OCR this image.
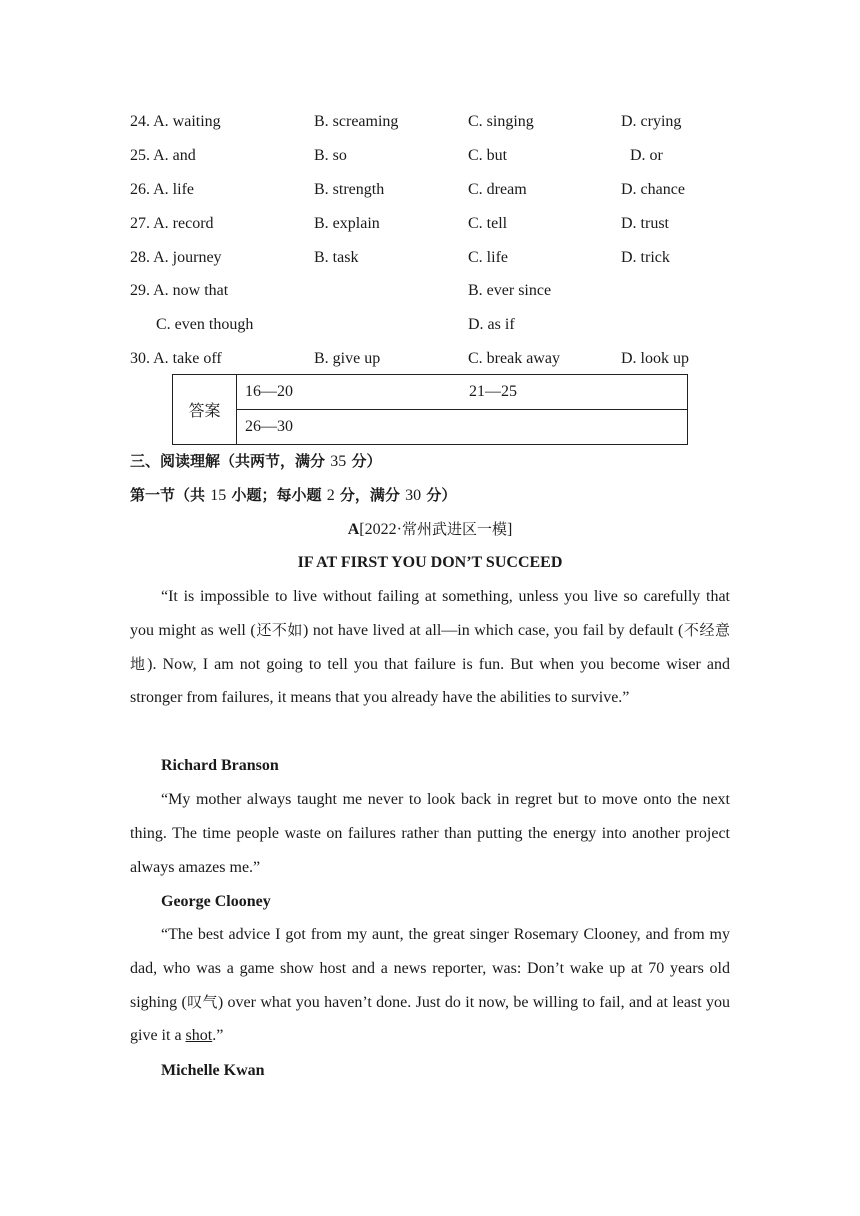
24. A. waiting	B. screaming	C. singing	D. crying
25. A. and	B. so	C. but	D. or
26. A. life	B. strength	C. dream	D. chance
27. A. record	B. explain	C. tell	D. trust
28. A. journey	B. task	C. life	D. trick
29. A. now that	B. ever since
C. even though	D. as if
30. A. take off	B. give up	C. break away	D. look up
答案	
16—20	21—25

26—30
三、阅读理解（共两节，满分 35 分）
第一节（共 15 小题；每小题 2 分，满分 30 分）
A[2022·常州武进区一模]
IF AT FIRST YOU DON’T SUCCEED

“It is impossible to live without failing at something, unless you live so carefully that you might as well (还不如) not have lived at all—in which case, you fail by default (不经意地). Now, I am not going to tell you that failure is fun. But when you become wiser and stronger from failures, it means that you already have the abilities to survive.”

Richard Branson

“My mother always taught me never to look back in regret but to move onto the next thing. The time people waste on failures rather than putting the energy into another project always amazes me.”

George Clooney

“The best advice I got from my aunt, the great singer Rosemary Clooney, and from my dad, who was a game show host and a news reporter, was: Don’t wake up at 70 years old sighing (叹气) over what you haven’t done. Just do it now, be willing to fail, and at least you give it a shot.”

Michelle Kwan
